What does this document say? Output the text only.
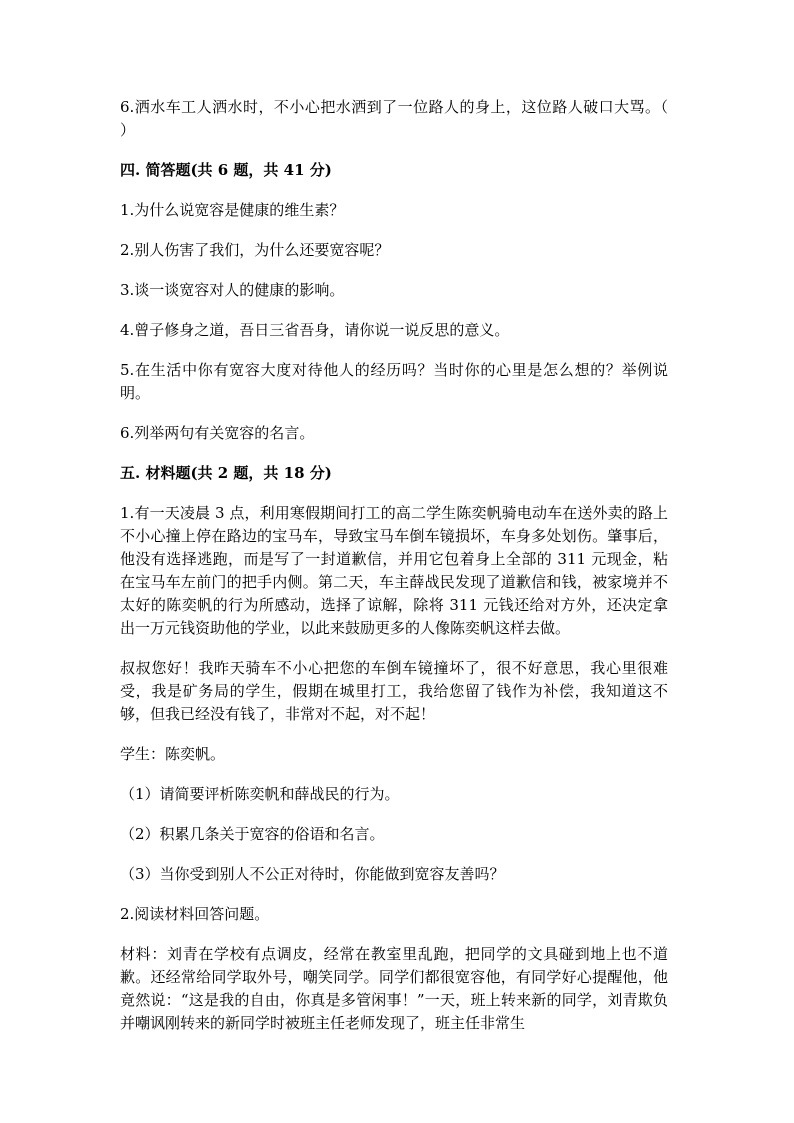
6.洒水车工人洒水时，不小心把水洒到了一位路人的身上，这位路人破口大骂。（　　　）

四. 简答题(共 6 题，共 41 分)

1.为什么说宽容是健康的维生素？

2.别人伤害了我们，为什么还要宽容呢？

3.谈一谈宽容对人的健康的影响。

4.曾子修身之道，吾日三省吾身，请你说一说反思的意义。

5.在生活中你有宽容大度对待他人的经历吗？当时你的心里是怎么想的？举例说明。

6.列举两句有关宽容的名言。

五. 材料题(共 2 题，共 18 分)

1.有一天凌晨 3 点，利用寒假期间打工的高二学生陈奕帆骑电动车在送外卖的路上不小心撞上停在路边的宝马车，导致宝马车倒车镜损坏，车身多处划伤。肇事后，他没有选择逃跑，而是写了一封道歉信，并用它包着身上全部的 311 元现金，粘在宝马车左前门的把手内侧。第二天，车主薛战民发现了道歉信和钱，被家境并不太好的陈奕帆的行为所感动，选择了谅解，除将 311 元钱还给对方外，还决定拿出一万元钱资助他的学业，以此来鼓励更多的人像陈奕帆这样去做。

叔叔您好！我昨天骑车不小心把您的车倒车镜撞坏了，很不好意思，我心里很难受，我是矿务局的学生，假期在城里打工，我给您留了钱作为补偿，我知道这不够，但我已经没有钱了，非常对不起，对不起！

学生：陈奕帆。

（1）请简要评析陈奕帆和薛战民的行为。

（2）积累几条关于宽容的俗语和名言。

（3）当你受到别人不公正对待时，你能做到宽容友善吗？

2.阅读材料回答问题。

材料：刘青在学校有点调皮，经常在教室里乱跑，把同学的文具碰到地上也不道歉。还经常给同学取外号，嘲笑同学。同学们都很宽容他，有同学好心提醒他，他竟然说：“这是我的自由，你真是多管闲事！”一天，班上转来新的同学，刘青欺负并嘲讽刚转来的新同学时被班主任老师发现了，班主任非常生
